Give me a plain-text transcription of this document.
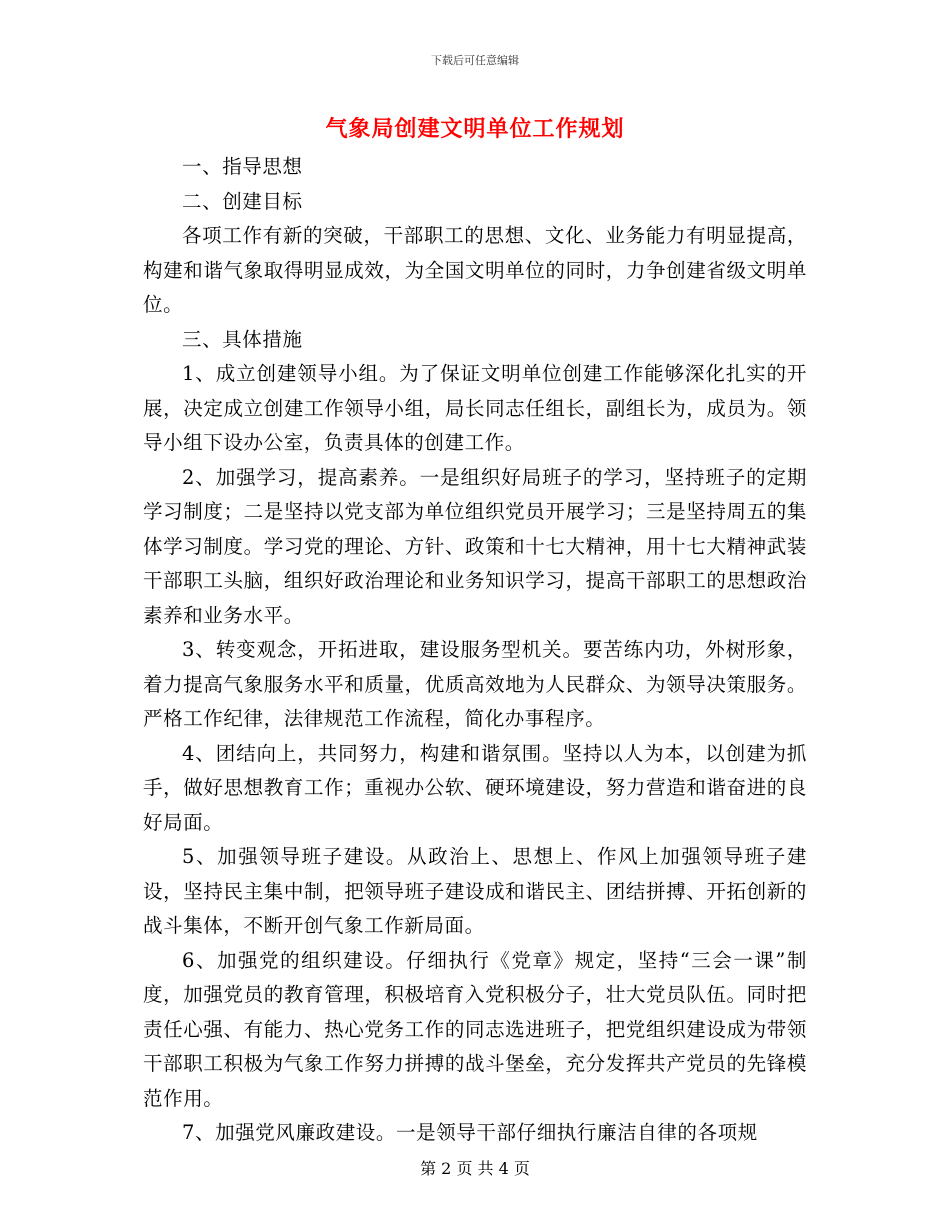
下载后可任意编辑
气象局创建文明单位工作规划

一、指导思想

二、创建目标

各项工作有新的突破，干部职工的思想、文化、业务能力有明显提高，构建和谐气象取得明显成效，为全国文明单位的同时，力争创建省级文明单位。

三、具体措施

1、成立创建领导小组。为了保证文明单位创建工作能够深化扎实的开展，决定成立创建工作领导小组，局长同志任组长，副组长为，成员为。领导小组下设办公室，负责具体的创建工作。

2、加强学习，提高素养。一是组织好局班子的学习，坚持班子的定期学习制度；二是坚持以党支部为单位组织党员开展学习；三是坚持周五的集体学习制度。学习党的理论、方针、政策和十七大精神，用十七大精神武装干部职工头脑，组织好政治理论和业务知识学习，提高干部职工的思想政治素养和业务水平。

3、转变观念，开拓进取，建设服务型机关。要苦练内功，外树形象，着力提高气象服务水平和质量，优质高效地为人民群众、为领导决策服务。严格工作纪律，法律规范工作流程，简化办事程序。

4、团结向上，共同努力，构建和谐氛围。坚持以人为本，以创建为抓手，做好思想教育工作；重视办公软、硬环境建设，努力营造和谐奋进的良好局面。

5、加强领导班子建设。从政治上、思想上、作风上加强领导班子建设，坚持民主集中制，把领导班子建设成和谐民主、团结拼搏、开拓创新的战斗集体，不断开创气象工作新局面。

6、加强党的组织建设。仔细执行《党章》规定，坚持“三会一课”制度，加强党员的教育管理，积极培育入党积极分子，壮大党员队伍。同时把责任心强、有能力、热心党务工作的同志选进班子，把党组织建设成为带领干部职工积极为气象工作努力拼搏的战斗堡垒，充分发挥共产党员的先锋模范作用。

7、加强党风廉政建设。一是领导干部仔细执行廉洁自律的各项规

第 2 页 共 4 页
